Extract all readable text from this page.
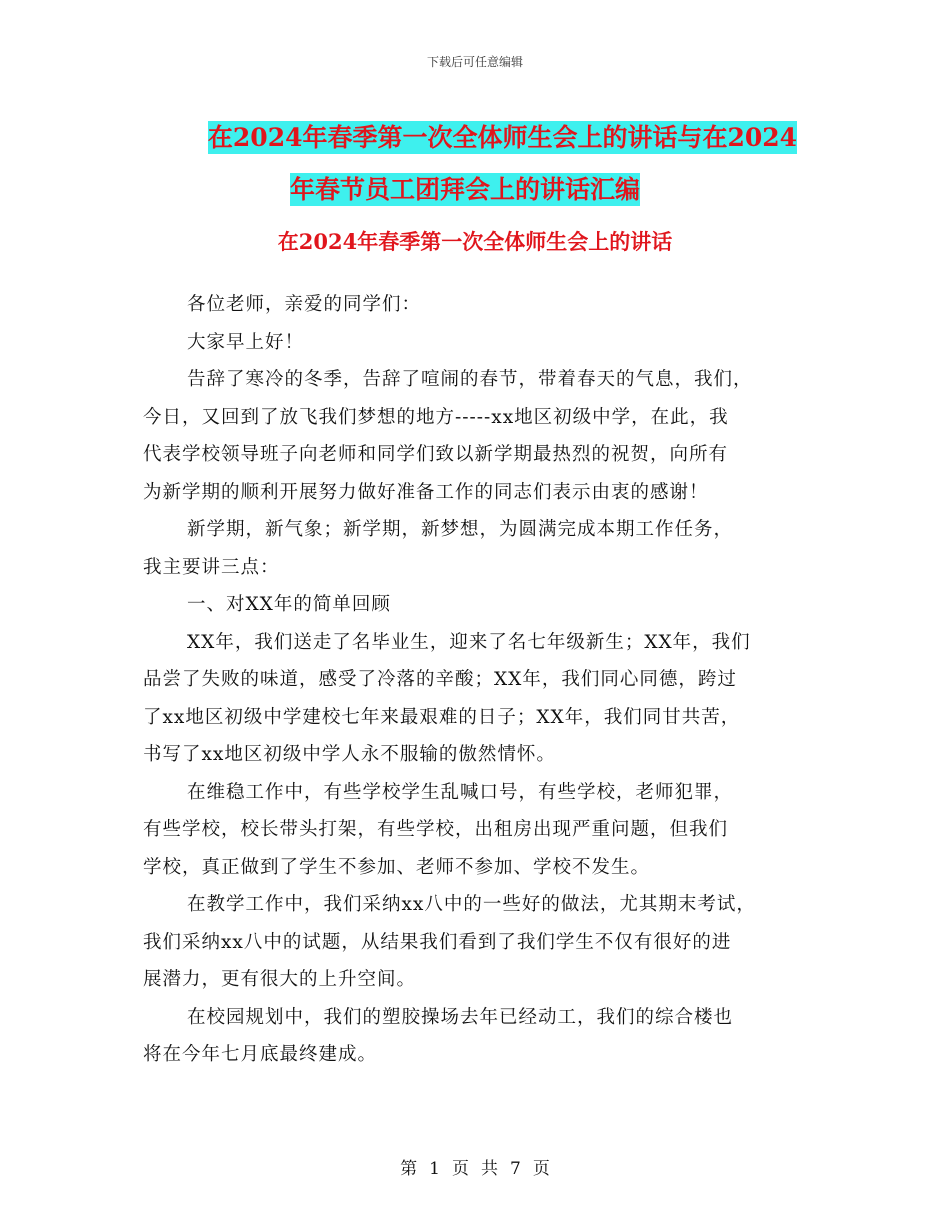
下载后可任意编辑
在2024年春季第一次全体师生会上的讲话与在2024
年春节员工团拜会上的讲话汇编
在2024年春季第一次全体师生会上的讲话

各位老师，亲爱的同学们：

大家早上好！

告辞了寒冷的冬季，告辞了喧闹的春节，带着春天的气息，我们，

今日，又回到了放飞我们梦想的地方-----xx地区初级中学，在此，我

代表学校领导班子向老师和同学们致以新学期最热烈的祝贺，向所有

为新学期的顺利开展努力做好准备工作的同志们表示由衷的感谢！

新学期，新气象；新学期，新梦想，为圆满完成本期工作任务，

我主要讲三点：

一、对XX年的简单回顾

XX年，我们送走了名毕业生，迎来了名七年级新生；XX年，我们

品尝了失败的味道，感受了冷落的辛酸；XX年，我们同心同德，跨过

了xx地区初级中学建校七年来最艰难的日子；XX年，我们同甘共苦，

书写了xx地区初级中学人永不服输的傲然情怀。

在维稳工作中，有些学校学生乱喊口号，有些学校，老师犯罪，

有些学校，校长带头打架，有些学校，出租房出现严重问题，但我们

学校，真正做到了学生不参加、老师不参加、学校不发生。

在教学工作中，我们采纳xx八中的一些好的做法，尤其期末考试，

我们采纳xx八中的试题，从结果我们看到了我们学生不仅有很好的进

展潜力，更有很大的上升空间。

在校园规划中，我们的塑胶操场去年已经动工，我们的综合楼也

将在今年七月底最终建成。

第 1 页 共 7 页
